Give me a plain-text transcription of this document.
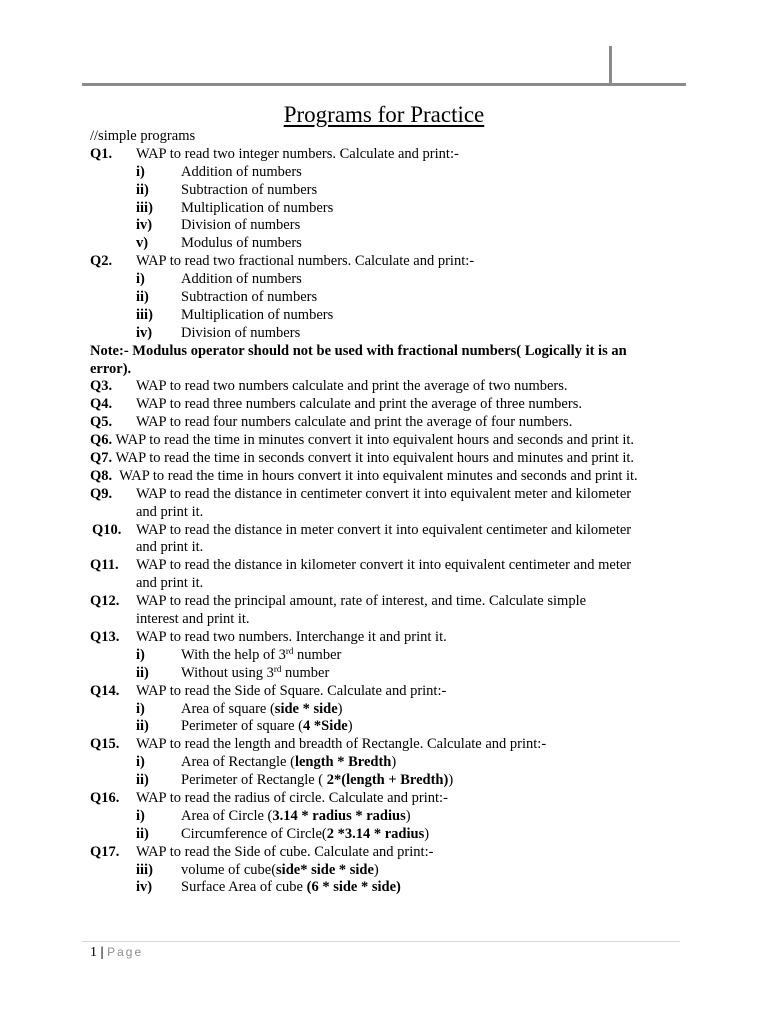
Programs for Practice
//simple programs
Q1. WAP to read two integer numbers. Calculate and print:-
i) Addition of numbers
ii) Subtraction of numbers
iii) Multiplication of numbers
iv) Division of numbers
v) Modulus of numbers
Q2. WAP to read two fractional numbers. Calculate and print:-
i) Addition of numbers
ii) Subtraction of numbers
iii) Multiplication of numbers
iv) Division of numbers
Note:- Modulus operator should not be used with fractional numbers( Logically it is an
error).
Q3. WAP to read two numbers calculate and print the average of two numbers.
Q4. WAP to read three numbers calculate and print the average of three numbers.
Q5. WAP to read four numbers calculate and print the average of four numbers.
Q6. WAP to read the time in minutes convert it into equivalent hours and seconds and print it.
Q7. WAP to read the time in seconds convert it into equivalent hours and minutes and print it.
Q8.  WAP to read the time in hours convert it into equivalent minutes and seconds and print it.
Q9. WAP to read the distance in centimeter convert it into equivalent meter and kilometer
and print it.
Q10. WAP to read the distance in meter convert it into equivalent centimeter and kilometer
and print it.
Q11. WAP to read the distance in kilometer convert it into equivalent centimeter and meter
and print it.
Q12. WAP to read the principal amount, rate of interest, and time. Calculate simple
interest and print it.
Q13. WAP to read two numbers. Interchange it and print it.
i) With the help of 3rd number
ii) Without using 3rd number
Q14. WAP to read the Side of Square. Calculate and print:-
i) Area of square (side * side)
ii) Perimeter of square (4 *Side)
Q15. WAP to read the length and breadth of Rectangle. Calculate and print:-
i) Area of Rectangle (length * Bredth)
ii) Perimeter of Rectangle ( 2*(length + Bredth))
Q16. WAP to read the radius of circle. Calculate and print:-
i) Area of Circle (3.14 * radius * radius)
ii) Circumference of Circle(2 *3.14 * radius)
Q17. WAP to read the Side of cube. Calculate and print:-
iii) volume of cube(side* side * side)
iv) Surface Area of cube (6 * side * side)
1 | Page
